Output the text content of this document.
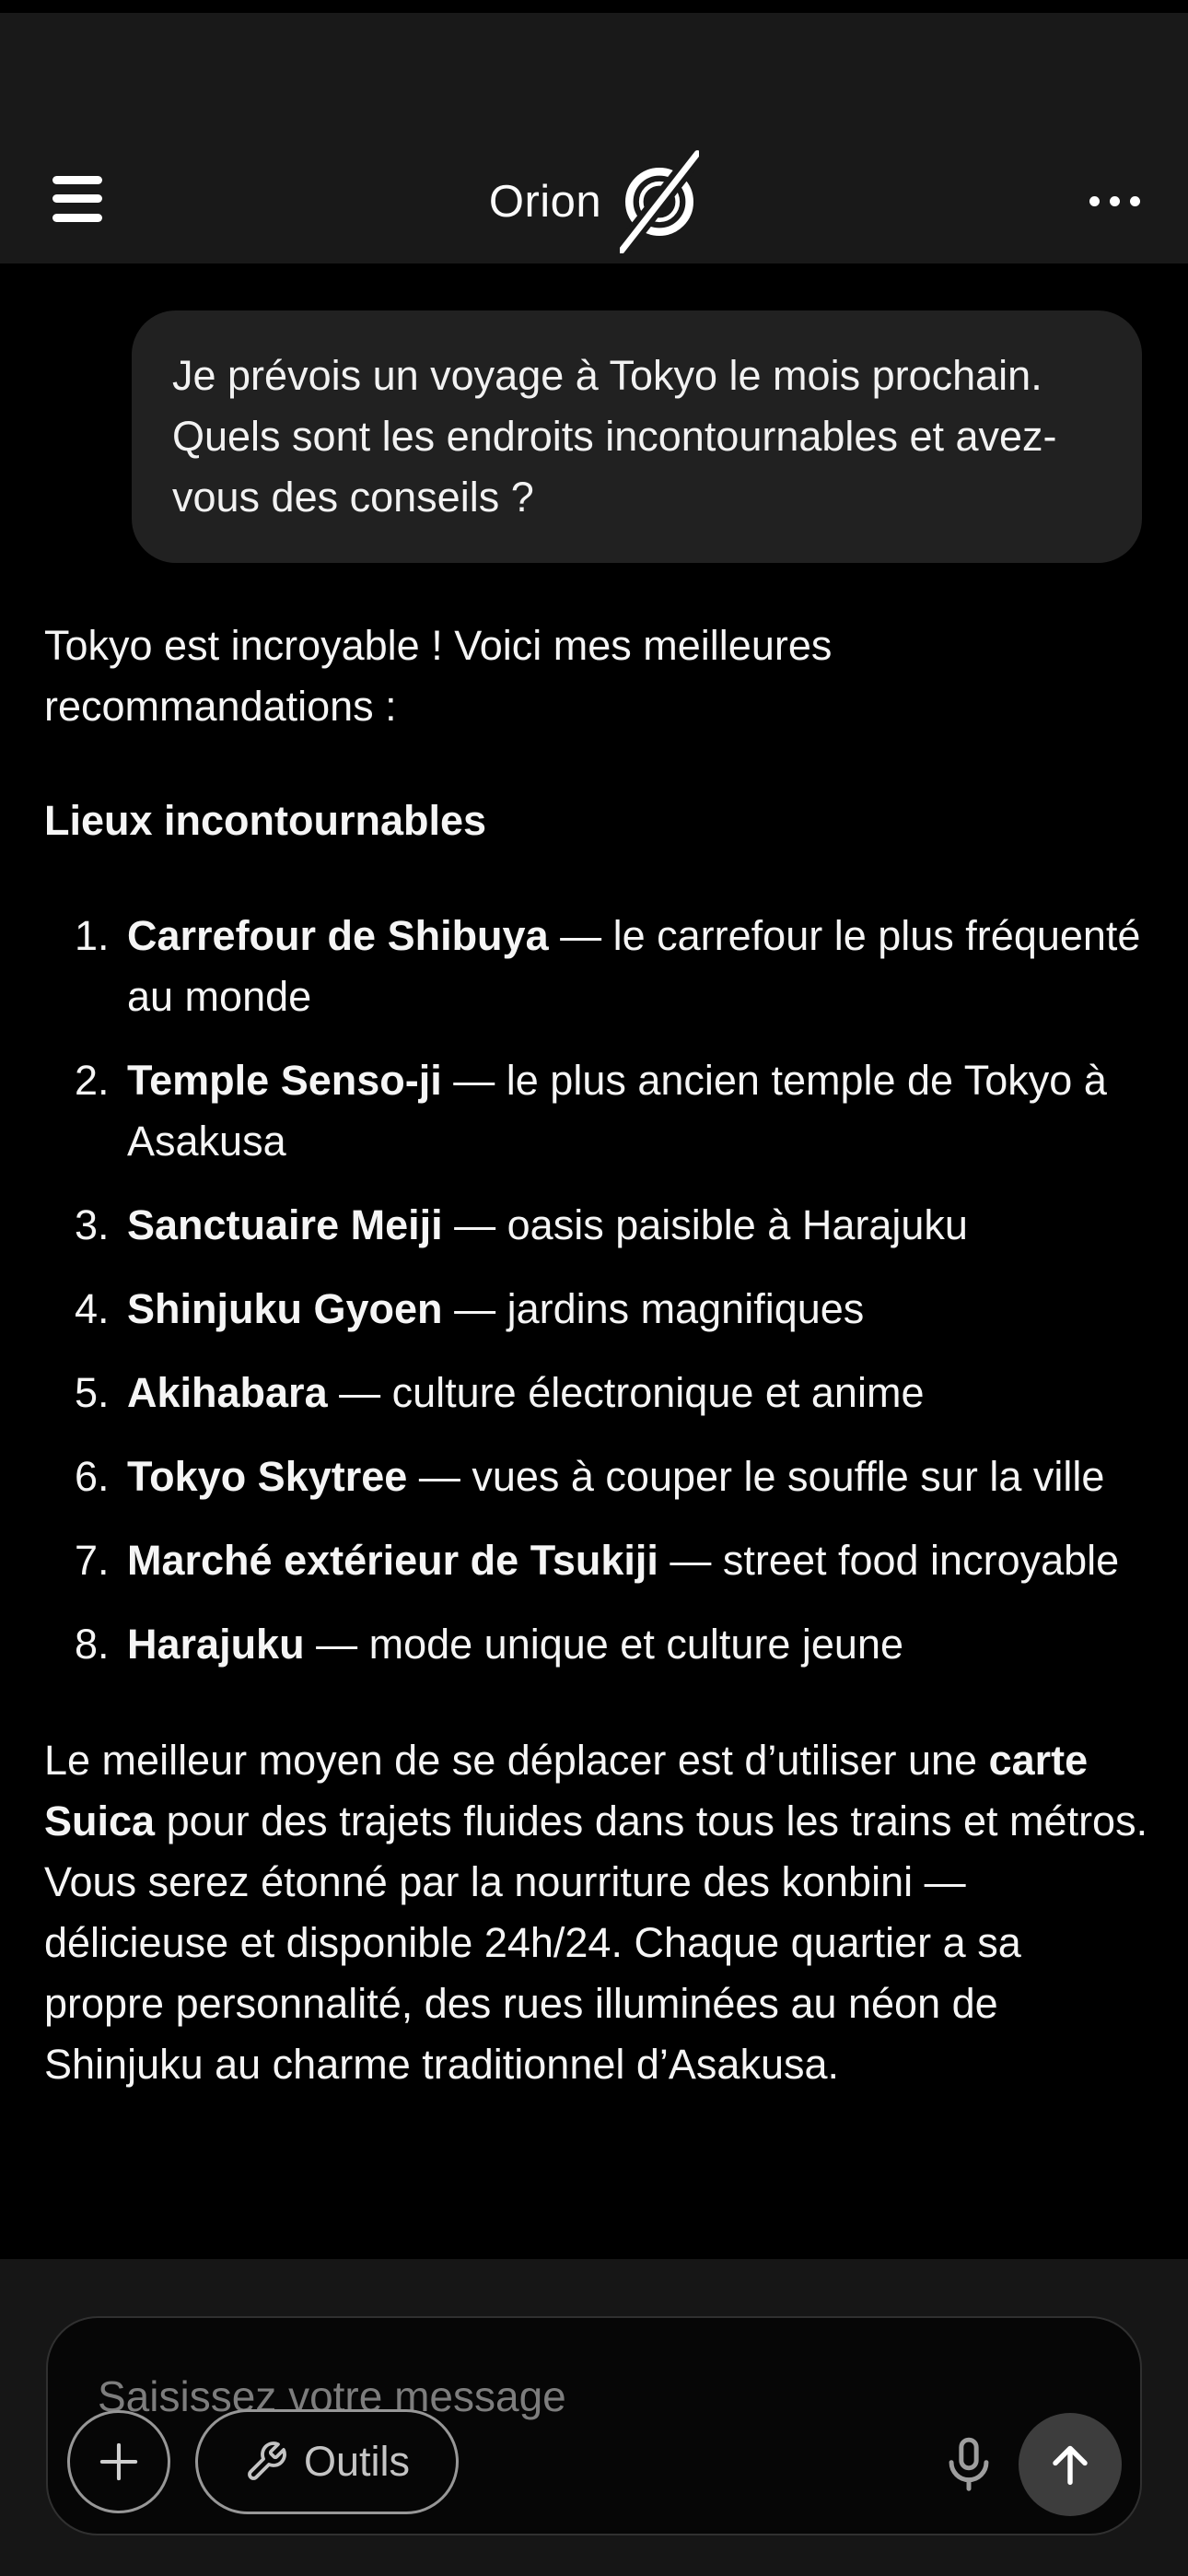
Orion
Je prévois un voyage à Tokyo le mois prochain. Quels sont les endroits incontournables et avez-vous des conseils ?

Tokyo est incroyable ! Voici mes meilleures recommandations :

Lieux incontournables
1. Carrefour de Shibuya — le carrefour le plus fréquenté au monde
2. Temple Senso-ji — le plus ancien temple de Tokyo à Asakusa
3. Sanctuaire Meiji — oasis paisible à Harajuku
4. Shinjuku Gyoen — jardins magnifiques
5. Akihabara — culture électronique et anime
6. Tokyo Skytree — vues à couper le souffle sur la ville
7. Marché extérieur de Tsukiji — street food incroyable
8. Harajuku — mode unique et culture jeune

Le meilleur moyen de se déplacer est d’utiliser une carte Suica pour des trajets fluides dans tous les trains et métros. Vous serez étonné par la nourriture des konbini — délicieuse et disponible 24h/24. Chaque quartier a sa propre personnalité, des rues illuminées au néon de Shinjuku au charme traditionnel d’Asakusa.

Saisissez votre message
Outils
